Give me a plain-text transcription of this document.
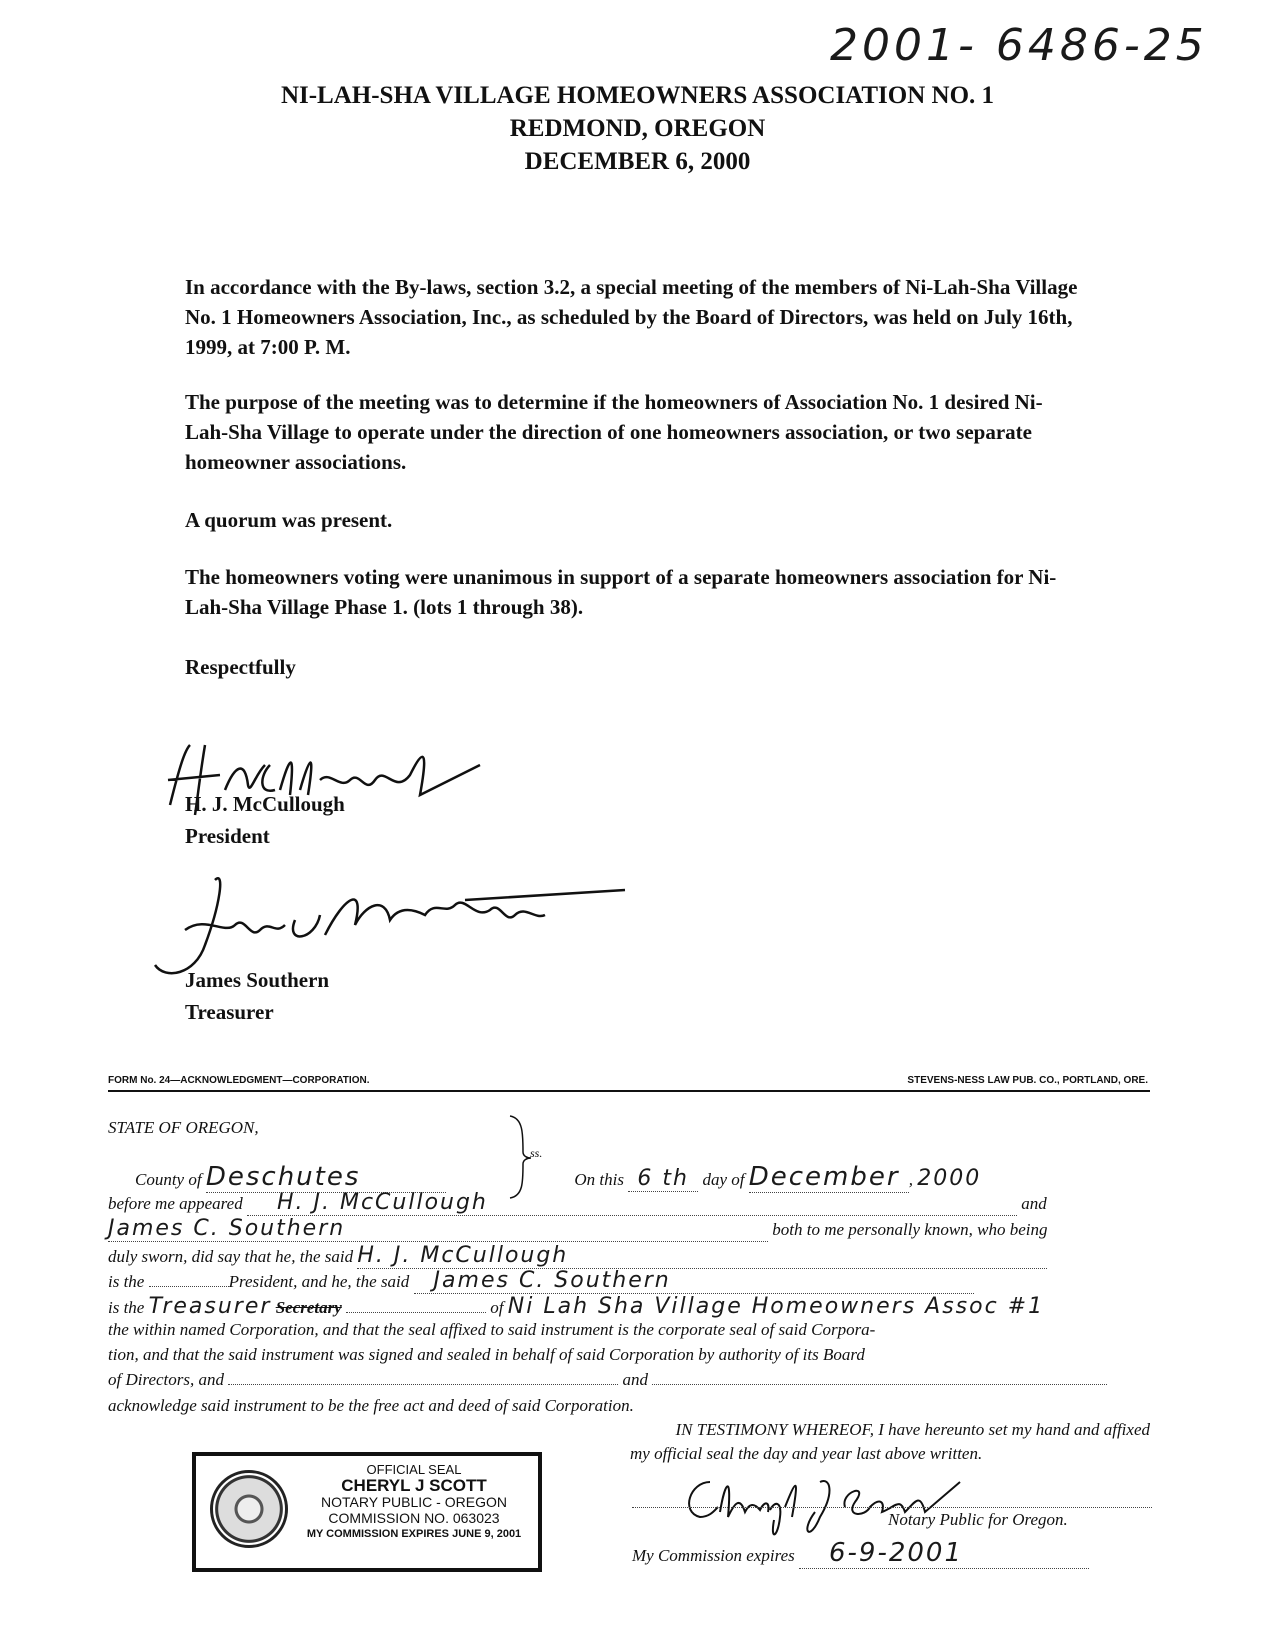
2001- 6486-25
NI-LAH-SHA VILLAGE HOMEOWNERS ASSOCIATION NO. 1
REDMOND, OREGON
DECEMBER 6, 2000
In accordance with the By-laws, section 3.2, a special meeting of the members of Ni-Lah-Sha Village No. 1 Homeowners Association, Inc., as scheduled by the Board of Directors, was held on July 16th, 1999, at 7:00 P. M.
The purpose of the meeting was to determine if the homeowners of Association No. 1 desired Ni-Lah-Sha Village to operate under the direction of one homeowners association, or two separate homeowner associations.
A quorum was present.
The homeowners voting were unanimous in support of a separate homeowners association for Ni-Lah-Sha Village Phase 1. (lots 1 through 38).
Respectfully
H. J. McCullough
President
James Southern
Treasurer
FORM No. 24—ACKNOWLEDGMENT—CORPORATION.	STEVENS-NESS LAW PUB. CO., PORTLAND, ORE.
STATE OF OREGON,
ss.
County of Deschutes	On this 6 th day of December , 2000
before me appeared H. J. McCullough	and
James C. Southern	both to me personally known, who being
duly sworn, did say that he, the said H. J. McCullough
is the	President, and he, the said James C. Southern
is the Treasurer Secretary	of Ni Lah Sha Village Homeowners Assoc #1
the within named Corporation, and that the seal affixed to said instrument is the corporate seal of said Corpora-
tion, and that the said instrument was signed and sealed in behalf of said Corporation by authority of its Board
of Directors, and	and
acknowledge said instrument to be the free act and deed of said Corporation.
IN TESTIMONY WHEREOF, I have hereunto set my hand and affixed
my official seal the day and year last above written.
Notary Public for Oregon.
My Commission expires 6-9-2001
OFFICIAL SEAL
CHERYL J SCOTT
NOTARY PUBLIC - OREGON
COMMISSION NO. 063023
MY COMMISSION EXPIRES JUNE 9, 2001
